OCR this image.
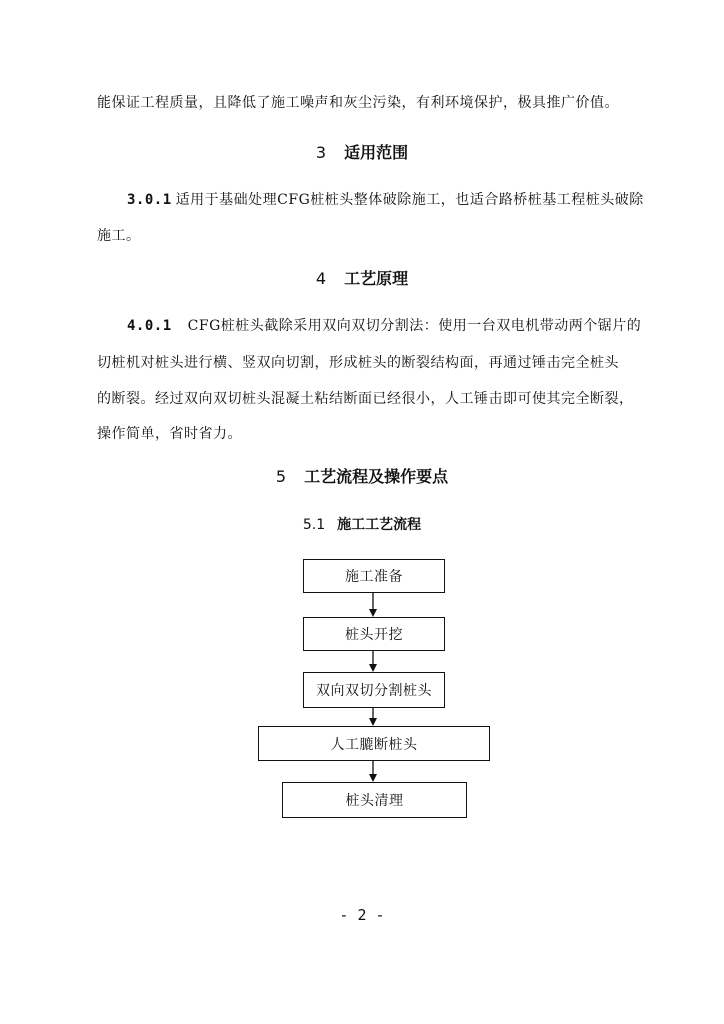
能保证工程质量，且降低了施工噪声和灰尘污染，有利环境保护，极具推广价值。
3 适用范围
3.0.1 适用于基础处理CFG桩桩头整体破除施工，也适合路桥桩基工程桩头破除
施工。
4 工艺原理
4.0.1 CFG桩桩头截除采用双向双切分割法：使用一台双电机带动两个锯片的
切桩机对桩头进行横、竖双向切割，形成桩头的断裂结构面，再通过锤击完全桩头
的断裂。经过双向双切桩头混凝土粘结断面已经很小，人工锤击即可使其完全断裂，
操作简单，省时省力。
5 工艺流程及操作要点
5.1 施工工艺流程
施工准备
桩头开挖
双向双切分割桩头
人工膔断桩头
桩头清理
- 2 -
